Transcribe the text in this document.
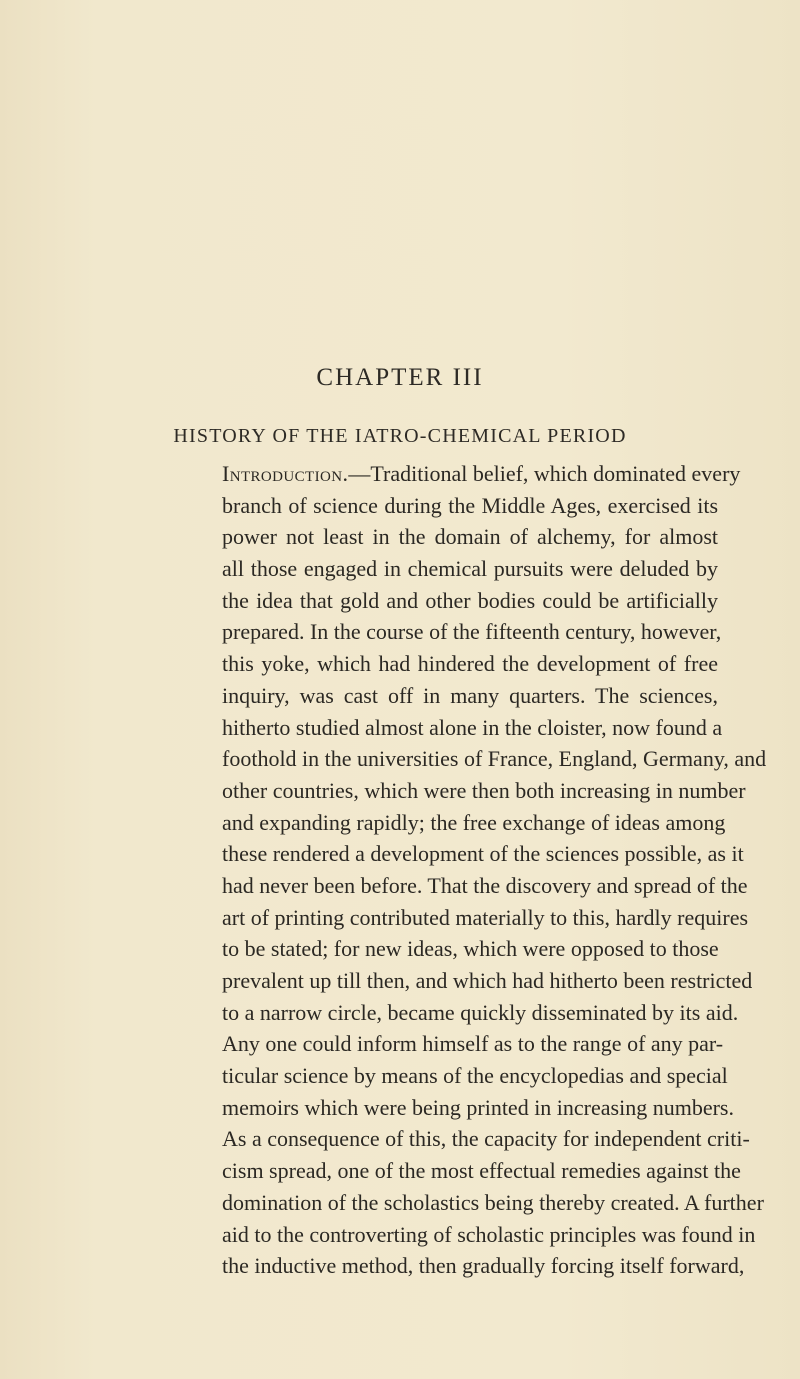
CHAPTER III
HISTORY OF THE IATRO-CHEMICAL PERIOD
Introduction.—Traditional belief, which dominated every
branch of science during the Middle Ages, exercised its
power not least in the domain of alchemy, for almost
all those engaged in chemical pursuits were deluded by
the idea that gold and other bodies could be artificially
prepared. In the course of the fifteenth century, however,
this yoke, which had hindered the development of free
inquiry, was cast off in many quarters. The sciences,
hitherto studied almost alone in the cloister, now found a
foothold in the universities of France, England, Germany, and
other countries, which were then both increasing in number
and expanding rapidly; the free exchange of ideas among
these rendered a development of the sciences possible, as it
had never been before. That the discovery and spread of the
art of printing contributed materially to this, hardly requires
to be stated; for new ideas, which were opposed to those
prevalent up till then, and which had hitherto been restricted
to a narrow circle, became quickly disseminated by its aid.
Any one could inform himself as to the range of any par-
ticular science by means of the encyclopedias and special
memoirs which were being printed in increasing numbers.
As a consequence of this, the capacity for independent criti-
cism spread, one of the most effectual remedies against the
domination of the scholastics being thereby created. A further
aid to the controverting of scholastic principles was found in
the inductive method, then gradually forcing itself forward,
